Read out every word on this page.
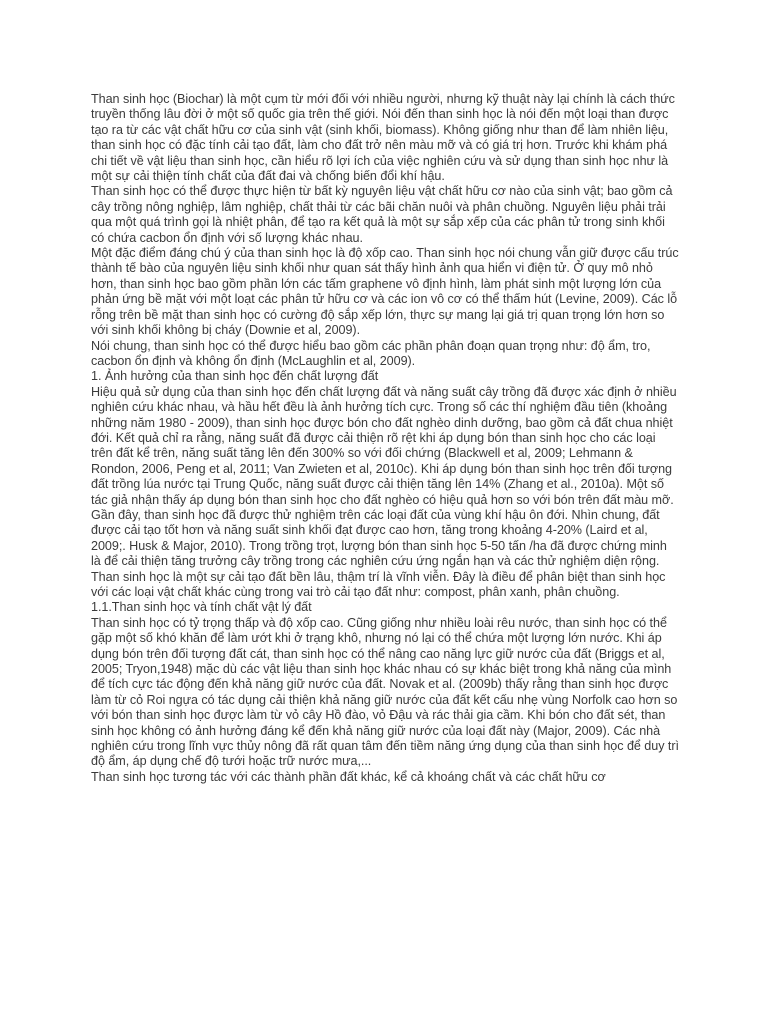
Than sinh học (Biochar) là một cụm từ mới đối với nhiều người, nhưng kỹ thuật này lại chính là cách thức truyền thống lâu đời ở một số quốc gia trên thế giới. Nói đến than sinh học là nói đến một loại than được tạo ra từ các vật chất hữu cơ của sinh vật (sinh khối, biomass). Không giống như than để làm nhiên liệu, than sinh học có đặc tính cải tạo đất, làm cho đất trở nên màu mỡ và có giá trị hơn. Trước khi khám phá chi tiết về vật liệu than sinh học, cần hiểu rõ lợi ích của việc nghiên cứu và sử dụng than sinh học như là một sự cải thiện tính chất của đất đai và chống biến đổi khí hậu.

Than sinh học có thể được thực hiện từ bất kỳ nguyên liệu vật chất hữu cơ nào của sinh vật; bao gồm cả cây trồng nông nghiệp, lâm nghiệp, chất thải từ các bãi chăn nuôi và phân chuồng. Nguyên liệu phải trải qua một quá trình gọi là nhiệt phân, để tạo ra kết quả là một sự sắp xếp của các phân tử trong sinh khối có chứa cacbon ổn định với số lượng khác nhau.

Một đặc điểm đáng chú ý của than sinh học là độ xốp cao. Than sinh học nói chung vẫn giữ được cấu trúc thành tế bào của nguyên liệu sinh khối như quan sát thấy hình ảnh qua hiển vi điện tử. Ở quy mô nhỏ hơn, than sinh học bao gồm phần lớn các tấm graphene vô định hình, làm phát sinh một lượng lớn của phản ứng bề mặt với một loạt các phân tử hữu cơ và các ion vô cơ có thể thấm hút (Levine, 2009). Các lỗ rỗng trên bề mặt than sinh học có cường độ sắp xếp lớn, thực sự mang lại giá trị quan trọng lớn hơn so với sinh khối không bị cháy (Downie et al, 2009).

Nói chung, than sinh học có thể được hiểu bao gồm các phần phân đoạn quan trọng như: độ ẩm, tro, cacbon ổn định và không ổn định (McLaughlin et al, 2009).

1. Ảnh hưởng của than sinh học đến chất lượng đất

Hiệu quả sử dụng của than sinh học đến chất lượng đất và năng suất cây trồng đã được xác định ở nhiều nghiên cứu khác nhau, và hầu hết đều là ảnh hưởng tích cực. Trong số các thí nghiệm đầu tiên (khoảng những năm 1980 - 2009), than sinh học được bón cho đất nghèo dinh dưỡng, bao gồm cả đất chua nhiệt đới. Kết quả chỉ ra rằng, năng suất đã được cải thiện rõ rệt khi áp dụng bón than sinh học cho các loại trên đất kể trên, năng suất tăng lên đến 300% so với đối chứng (Blackwell et al, 2009; Lehmann & Rondon, 2006, Peng et al, 2011; Van Zwieten et al, 2010c). Khi áp dụng bón than sinh học trên đối tượng đất trồng lúa nước tại Trung Quốc, năng suất được cải thiện tăng lên 14% (Zhang et al., 2010a). Một số tác giả nhận thấy áp dụng bón than sinh học cho đất nghèo có hiệu quả hơn so với bón trên đất màu mỡ.

Gần đây, than sinh học đã được thử nghiệm trên các loại đất của vùng khí hậu ôn đới. Nhìn chung, đất được cải tạo tốt hơn và năng suất sinh khối đạt được cao hơn, tăng trong khoảng 4-20% (Laird et al, 2009;. Husk & Major, 2010). Trong trồng trọt, lượng bón than sinh học 5-50 tấn /ha đã được chứng minh là để cải thiện tăng trưởng cây trồng trong các nghiên cứu ứng ngắn hạn và các thử nghiệm diện rộng.

Than sinh học là một sự cải tạo đất bền lâu, thậm trí là vĩnh viễn. Đây là điều để phân biệt than sinh học với các loại vật chất khác cùng trong vai trò cải tạo đất như: compost, phân xanh, phân chuồng.

1.1.Than sinh học và tính chất vật lý đất

Than sinh học có tỷ trọng thấp và độ xốp cao. Cũng giống như nhiều loài rêu nước, than sinh học có thể gặp một số khó khăn để làm ướt khi ở trạng khô, nhưng nó lại có thể chứa một lượng lớn nước. Khi áp dụng bón trên đối tượng đất cát, than sinh học có thể nâng cao năng lực giữ nước của đất (Briggs et al, 2005; Tryon,1948) mặc dù các vật liệu than sinh học khác nhau có sự khác biệt trong khả năng của mình để tích cực tác động đến khả năng giữ nước của đất. Novak et al. (2009b) thấy rằng than sinh học được làm từ cỏ Roi ngựa có tác dụng cải thiện khả năng giữ nước của đất kết cấu nhẹ vùng Norfolk cao hơn so với bón than sinh học được làm từ vỏ cây Hồ đào, vỏ Đậu và rác thải gia cầm. Khi bón cho đất sét, than sinh học không có ảnh hưởng đáng kể đến khả năng giữ nước của loại đất này (Major, 2009). Các nhà nghiên cứu trong lĩnh vực thủy nông đã rất quan tâm đến tiềm năng ứng dụng của than sinh học để duy trì độ ẩm, áp dụng chế độ tưới hoặc trữ nước mưa,...

Than sinh học tương tác với các thành phần đất khác, kể cả khoáng chất và các chất hữu cơ
